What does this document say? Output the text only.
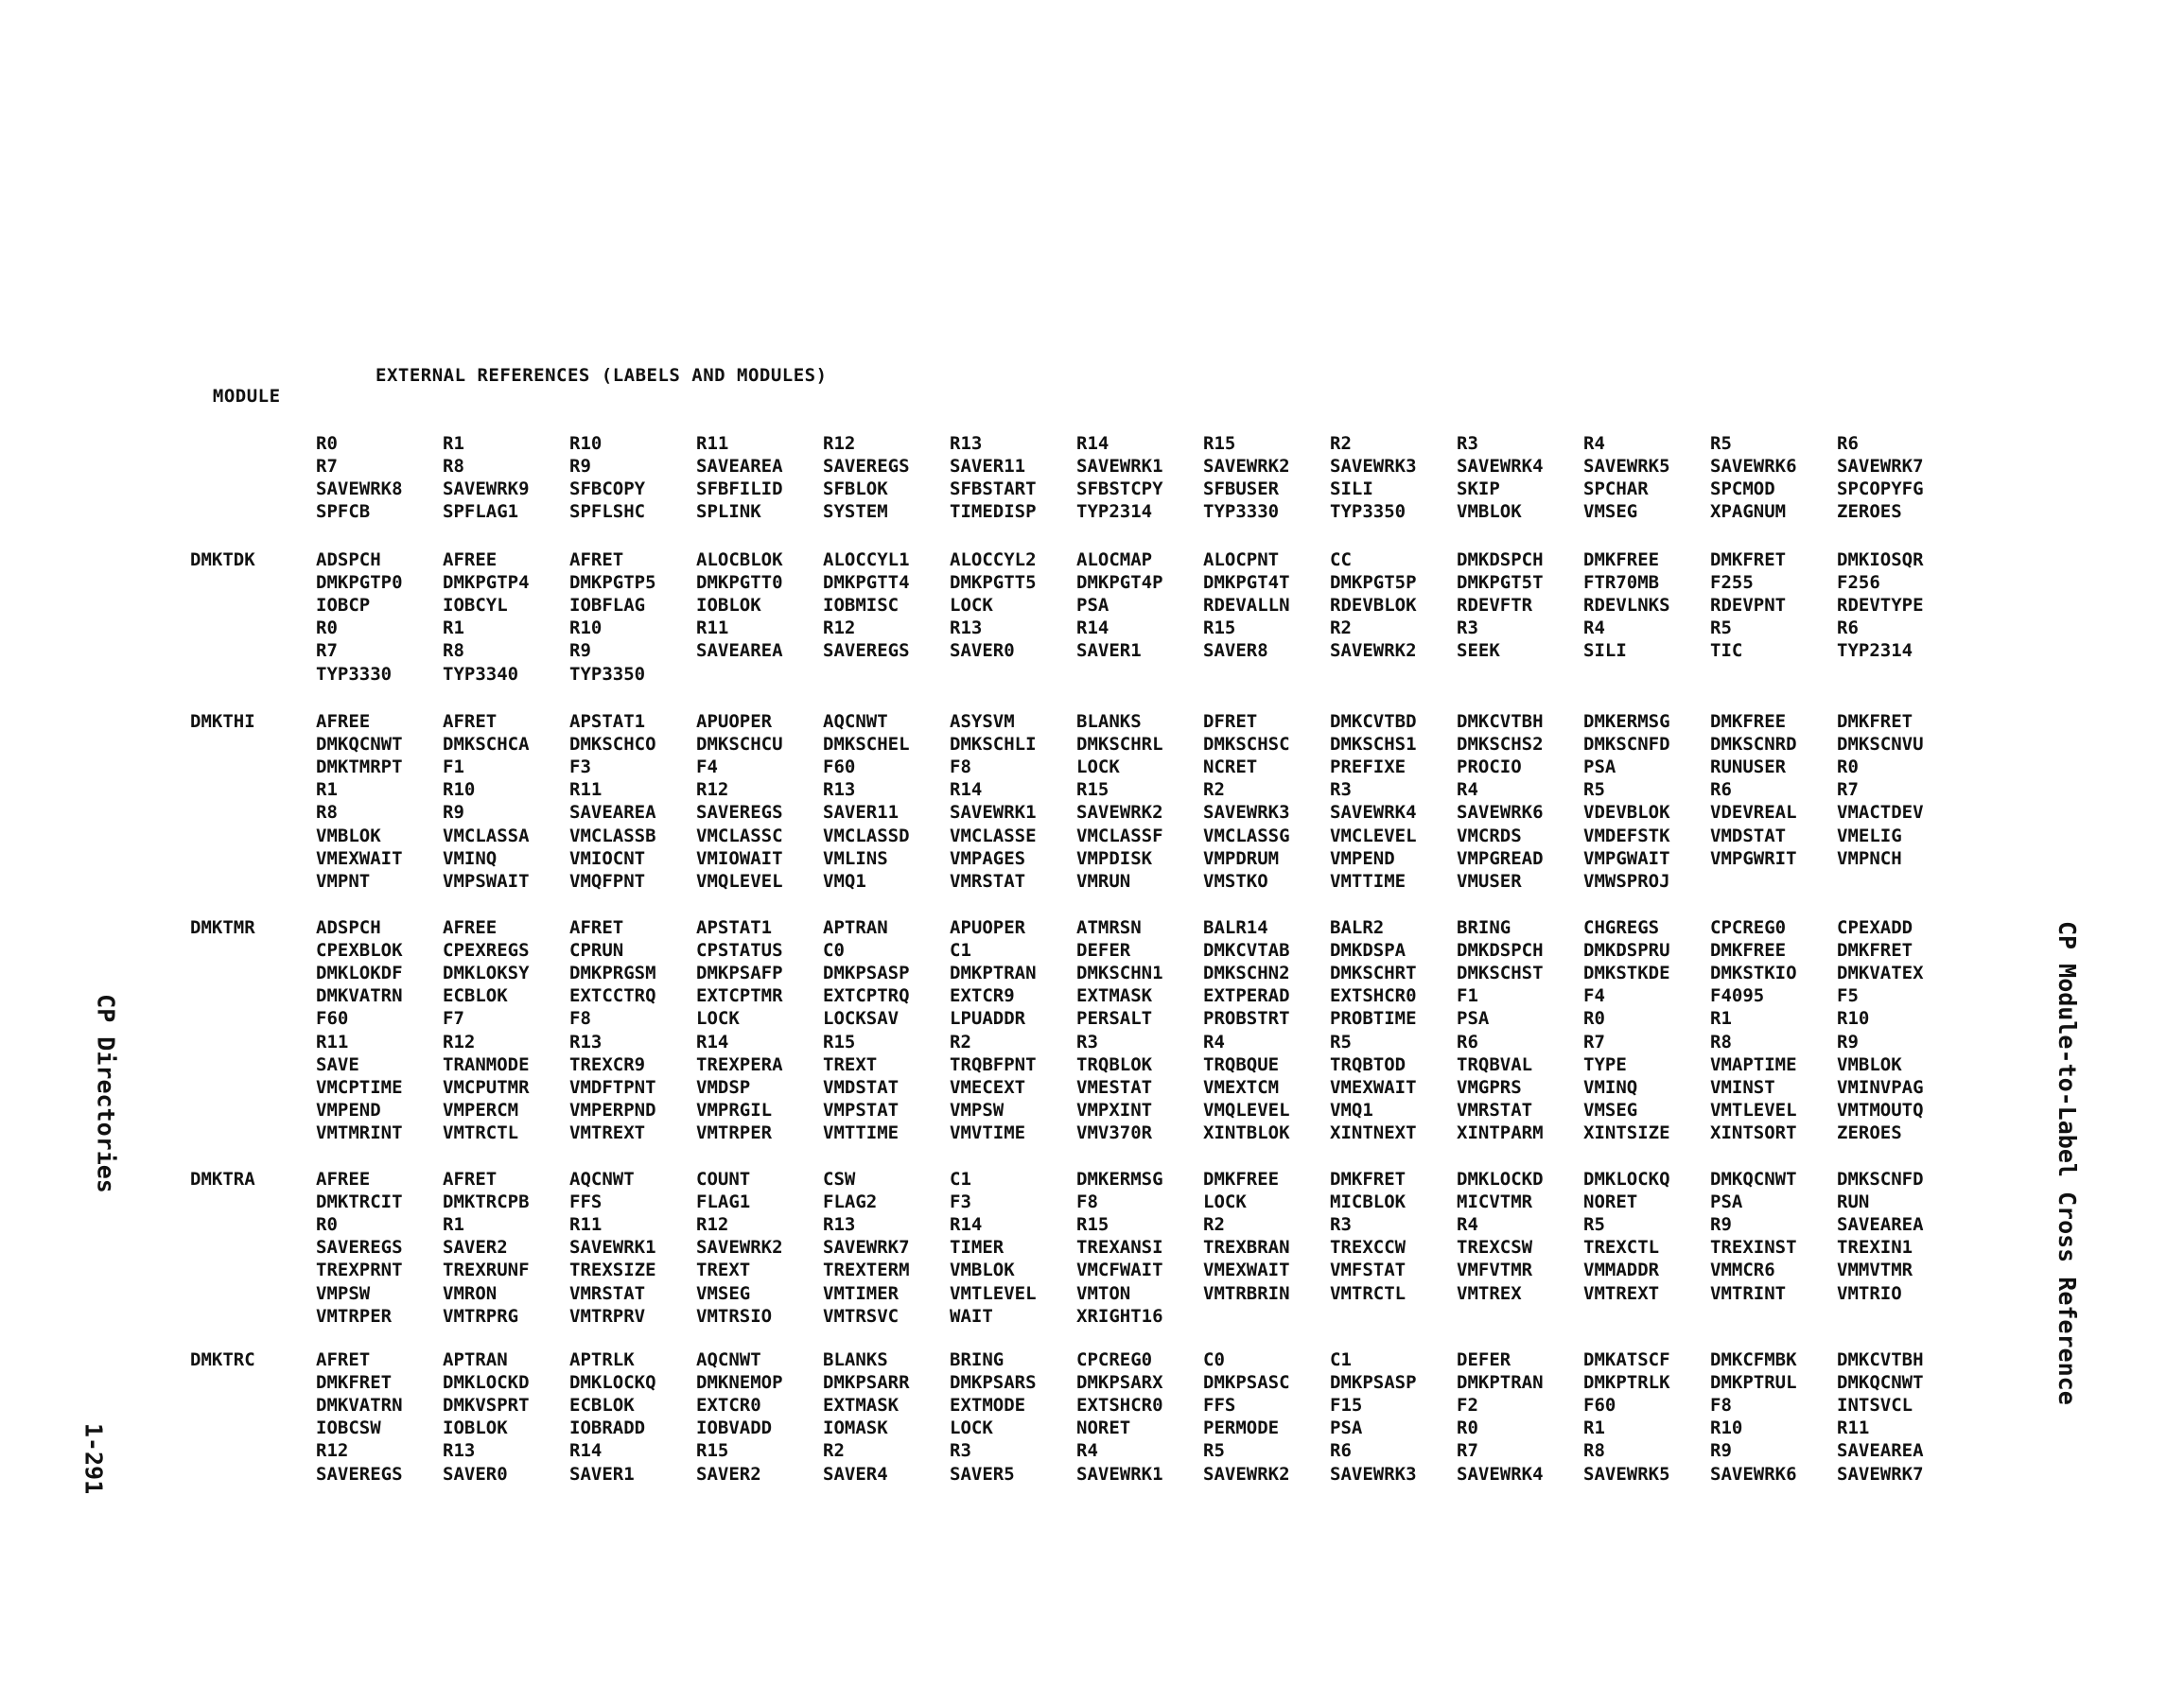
MODULE

EXTERNAL REFERENCES (LABELS AND MODULES)

R0	R1	R10	R11	R12	R13	R14	R15	R2	R3	R4	R5	R6
R7	R8	R9	SAVEAREA	SAVEREGS	SAVER11	SAVEWRK1	SAVEWRK2	SAVEWRK3	SAVEWRK4	SAVEWRK5	SAVEWRK6	SAVEWRK7
SAVEWRK8	SAVEWRK9	SFBCOPY	SFBFILID	SFBLOK	SFBSTART	SFBSTCPY	SFBUSER	SILI	SKIP	SPCHAR	SPCMOD	SPCOPYFG
SPFCB	SPFLAG1	SPFLSHC	SPLINK	SYSTEM	TIMEDISP	TYP2314	TYP3330	TYP3350	VMBLOK	VMSEG	XPAGNUM	ZEROES
DMKTDK	ADSPCH	AFREE	AFRET	ALOCBLOK	ALOCCYL1	ALOCCYL2	ALOCMAP	ALOCPNT	CC	DMKDSPCH	DMKFREE	DMKFRET	DMKIOSQR
DMKPGTP0	DMKPGTP4	DMKPGTP5	DMKPGTT0	DMKPGTT4	DMKPGTT5	DMKPGT4P	DMKPGT4T	DMKPGT5P	DMKPGT5T	FTR70MB	F255	F256
IOBCP	IOBCYL	IOBFLAG	IOBLOK	IOBMISC	LOCK	PSA	RDEVALLN	RDEVBLOK	RDEVFTR	RDEVLNKS	RDEVPNT	RDEVTYPE
R0	R1	R10	R11	R12	R13	R14	R15	R2	R3	R4	R5	R6
R7	R8	R9	SAVEAREA	SAVEREGS	SAVER0	SAVER1	SAVER8	SAVEWRK2	SEEK	SILI	TIC	TYP2314
TYP3330	TYP3340	TYP3350
DMKTHI	AFREE	AFRET	APSTAT1	APUOPER	AQCNWT	ASYSVM	BLANKS	DFRET	DMKCVTBD	DMKCVTBH	DMKERMSG	DMKFREE	DMKFRET
DMKQCNWT	DMKSCHCA	DMKSCHCO	DMKSCHCU	DMKSCHEL	DMKSCHLI	DMKSCHRL	DMKSCHSC	DMKSCHS1	DMKSCHS2	DMKSCNFD	DMKSCNRD	DMKSCNVU
DMKTMRPT	F1	F3	F4	F60	F8	LOCK	NCRET	PREFIXE	PROCIO	PSA	RUNUSER	R0
R1	R10	R11	R12	R13	R14	R15	R2	R3	R4	R5	R6	R7
R8	R9	SAVEAREA	SAVEREGS	SAVER11	SAVEWRK1	SAVEWRK2	SAVEWRK3	SAVEWRK4	SAVEWRK6	VDEVBLOK	VDEVREAL	VMACTDEV
VMBLOK	VMCLASSA	VMCLASSB	VMCLASSC	VMCLASSD	VMCLASSE	VMCLASSF	VMCLASSG	VMCLEVEL	VMCRDS	VMDEFSTK	VMDSTAT	VMELIG
VMEXWAIT	VMINQ	VMIOCNT	VMIOWAIT	VMLINS	VMPAGES	VMPDISK	VMPDRUM	VMPEND	VMPGREAD	VMPGWAIT	VMPGWRIT	VMPNCH
VMPNT	VMPSWAIT	VMQFPNT	VMQLEVEL	VMQ1	VMRSTAT	VMRUN	VMSTKO	VMTTIME	VMUSER	VMWSPROJ
DMKTMR	ADSPCH	AFREE	AFRET	APSTAT1	APTRAN	APUOPER	ATMRSN	BALR14	BALR2	BRING	CHGREGS	CPCREG0	CPEXADD
CPEXBLOK	CPEXREGS	CPRUN	CPSTATUS	C0	C1	DEFER	DMKCVTAB	DMKDSPA	DMKDSPCH	DMKDSPRU	DMKFREE	DMKFRET
DMKLOKDF	DMKLOKSY	DMKPRGSM	DMKPSAFP	DMKPSASP	DMKPTRAN	DMKSCHN1	DMKSCHN2	DMKSCHRT	DMKSCHST	DMKSTKDE	DMKSTKIO	DMKVATEX
DMKVATRN	ECBLOK	EXTCCTRQ	EXTCPTMR	EXTCPTRQ	EXTCR9	EXTMASK	EXTPERAD	EXTSHCR0	F1	F4	F4095	F5
F60	F7	F8	LOCK	LOCKSAV	LPUADDR	PERSALT	PROBSTRT	PROBTIME	PSA	R0	R1	R10
R11	R12	R13	R14	R15	R2	R3	R4	R5	R6	R7	R8	R9
SAVE	TRANMODE	TREXCR9	TREXPERA	TREXT	TRQBFPNT	TRQBLOK	TRQBQUE	TRQBTOD	TRQBVAL	TYPE	VMAPTIME	VMBLOK
VMCPTIME	VMCPUTMR	VMDFTPNT	VMDSP	VMDSTAT	VMECEXT	VMESTAT	VMEXTCM	VMEXWAIT	VMGPRS	VMINQ	VMINST	VMINVPAG
VMPEND	VMPERCM	VMPERPND	VMPRGIL	VMPSTAT	VMPSW	VMPXINT	VMQLEVEL	VMQ1	VMRSTAT	VMSEG	VMTLEVEL	VMTMOUTQ
VMTMRINT	VMTRCTL	VMTREXT	VMTRPER	VMTTIME	VMVTIME	VMV370R	XINTBLOK	XINTNEXT	XINTPARM	XINTSIZE	XINTSORT	ZEROES
DMKTRA	AFREE	AFRET	AQCNWT	COUNT	CSW	C1	DMKERMSG	DMKFREE	DMKFRET	DMKLOCKD	DMKLOCKQ	DMKQCNWT	DMKSCNFD
DMKTRCIT	DMKTRCPB	FFS	FLAG1	FLAG2	F3	F8	LOCK	MICBLOK	MICVTMR	NORET	PSA	RUN
R0	R1	R11	R12	R13	R14	R15	R2	R3	R4	R5	R9	SAVEAREA
SAVEREGS	SAVER2	SAVEWRK1	SAVEWRK2	SAVEWRK7	TIMER	TREXANSI	TREXBRAN	TREXCCW	TREXCSW	TREXCTL	TREXINST	TREXIN1
TREXPRNT	TREXRUNF	TREXSIZE	TREXT	TREXTERM	VMBLOK	VMCFWAIT	VMEXWAIT	VMFSTAT	VMFVTMR	VMMADDR	VMMCR6	VMMVTMR
VMPSW	VMRON	VMRSTAT	VMSEG	VMTIMER	VMTLEVEL	VMTON	VMTRBRIN	VMTRCTL	VMTREX	VMTREXT	VMTRINT	VMTRIO
VMTRPER	VMTRPRG	VMTRPRV	VMTRSIO	VMTRSVC	WAIT	XRIGHT16
DMKTRC	AFRET	APTRAN	APTRLK	AQCNWT	BLANKS	BRING	CPCREG0	C0	C1	DEFER	DMKATSCF	DMKCFMBK	DMKCVTBH
DMKFRET	DMKLOCKD	DMKLOCKQ	DMKNEMOP	DMKPSARR	DMKPSARS	DMKPSARX	DMKPSASC	DMKPSASP	DMKPTRAN	DMKPTRLK	DMKPTRUL	DMKQCNWT
DMKVATRN	DMKVSPRT	ECBLOK	EXTCR0	EXTMASK	EXTMODE	EXTSHCR0	FFS	F15	F2	F60	F8	INTSVCL
IOBCSW	IOBLOK	IOBRADD	IOBVADD	IOMASK	LOCK	NORET	PERMODE	PSA	R0	R1	R10	R11
R12	R13	R14	R15	R2	R3	R4	R5	R6	R7	R8	R9	SAVEAREA
SAVEREGS	SAVER0	SAVER1	SAVER2	SAVER4	SAVER5	SAVEWRK1	SAVEWRK2	SAVEWRK3	SAVEWRK4	SAVEWRK5	SAVEWRK6	SAVEWRK7
CP Module-to-Label Cross Reference
CP Directories
1-291
